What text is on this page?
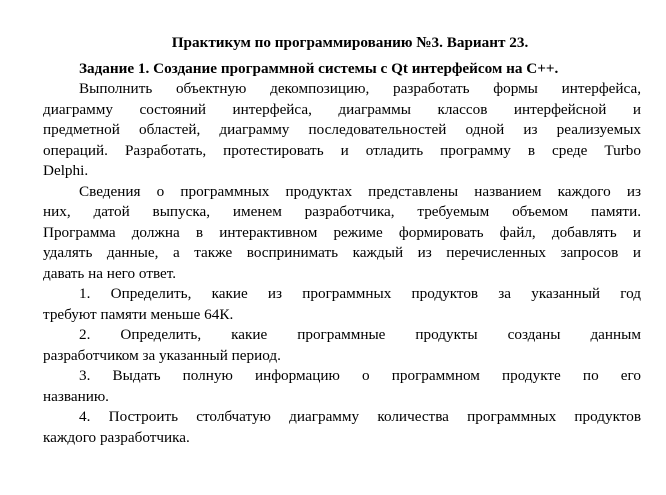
Практикум по программированию №3. Вариант 23.
Задание 1. Создание программной системы с Qt интерфейсом на C++.
Выполнить объектную декомпозицию, разработать формы интерфейса,
диаграмму состояний интерфейса, диаграммы классов интерфейсной и
предметной областей, диаграмму последовательностей одной из реализуемых
операций. Разработать, протестировать и отладить программу в среде Turbo
Delphi.
Сведения о программных продуктах представлены названием каждого из
них, датой выпуска, именем разработчика, требуемым объемом памяти.
Программа должна в интерактивном режиме формировать файл, добавлять и
удалять данные, а также воспринимать каждый из перечисленных запросов и
давать на него ответ.
1. Определить, какие из программных продуктов за указанный год
требуют памяти меньше 64К.
2. Определить, какие программные продукты созданы данным
разработчиком за указанный период.
3. Выдать полную информацию о программном продукте по его
названию.
4. Построить столбчатую диаграмму количества программных продуктов
каждого разработчика.
